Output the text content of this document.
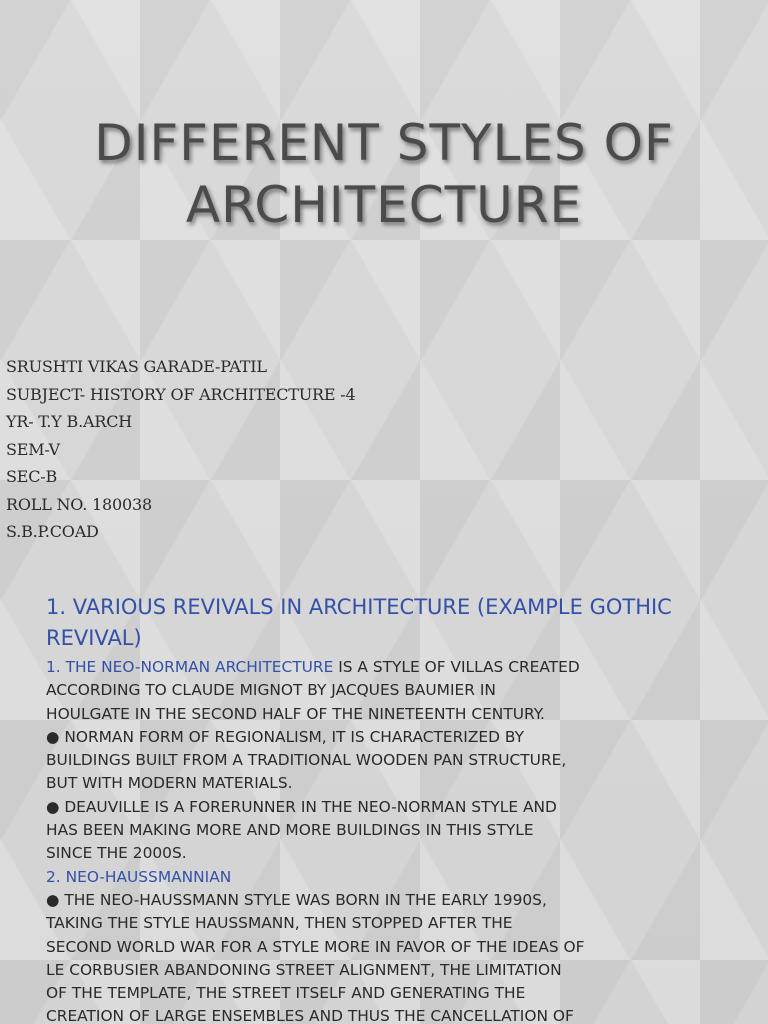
DIFFERENT STYLES OF
ARCHITECTURE
SRUSHTI VIKAS GARADE-PATIL
SUBJECT- HISTORY OF ARCHITECTURE -4
YR- T.Y B.ARCH
SEM-V
SEC-B
ROLL NO. 180038
S.B.P.COAD
1. VARIOUS REVIVALS IN ARCHITECTURE (EXAMPLE GOTHIC REVIVAL)

1. THE NEO-NORMAN ARCHITECTURE IS A STYLE OF VILLAS CREATED
ACCORDING TO CLAUDE MIGNOT BY JACQUES BAUMIER IN
HOULGATE IN THE SECOND HALF OF THE NINETEENTH CENTURY.
● NORMAN FORM OF REGIONALISM, IT IS CHARACTERIZED BY
BUILDINGS BUILT FROM A TRADITIONAL WOODEN PAN STRUCTURE,
BUT WITH MODERN MATERIALS.
● DEAUVILLE IS A FORERUNNER IN THE NEO-NORMAN STYLE AND
HAS BEEN MAKING MORE AND MORE BUILDINGS IN THIS STYLE
SINCE THE 2000S.

2. NEO-HAUSSMANNIAN

● THE NEO-HAUSSMANN STYLE WAS BORN IN THE EARLY 1990S,
TAKING THE STYLE HAUSSMANN, THEN STOPPED AFTER THE
SECOND WORLD WAR FOR A STYLE MORE IN FAVOR OF THE IDEAS OF
LE CORBUSIER ABANDONING STREET ALIGNMENT, THE LIMITATION
OF THE TEMPLATE, THE STREET ITSELF AND GENERATING THE
CREATION OF LARGE ENSEMBLES AND THUS THE CANCELLATION OF
